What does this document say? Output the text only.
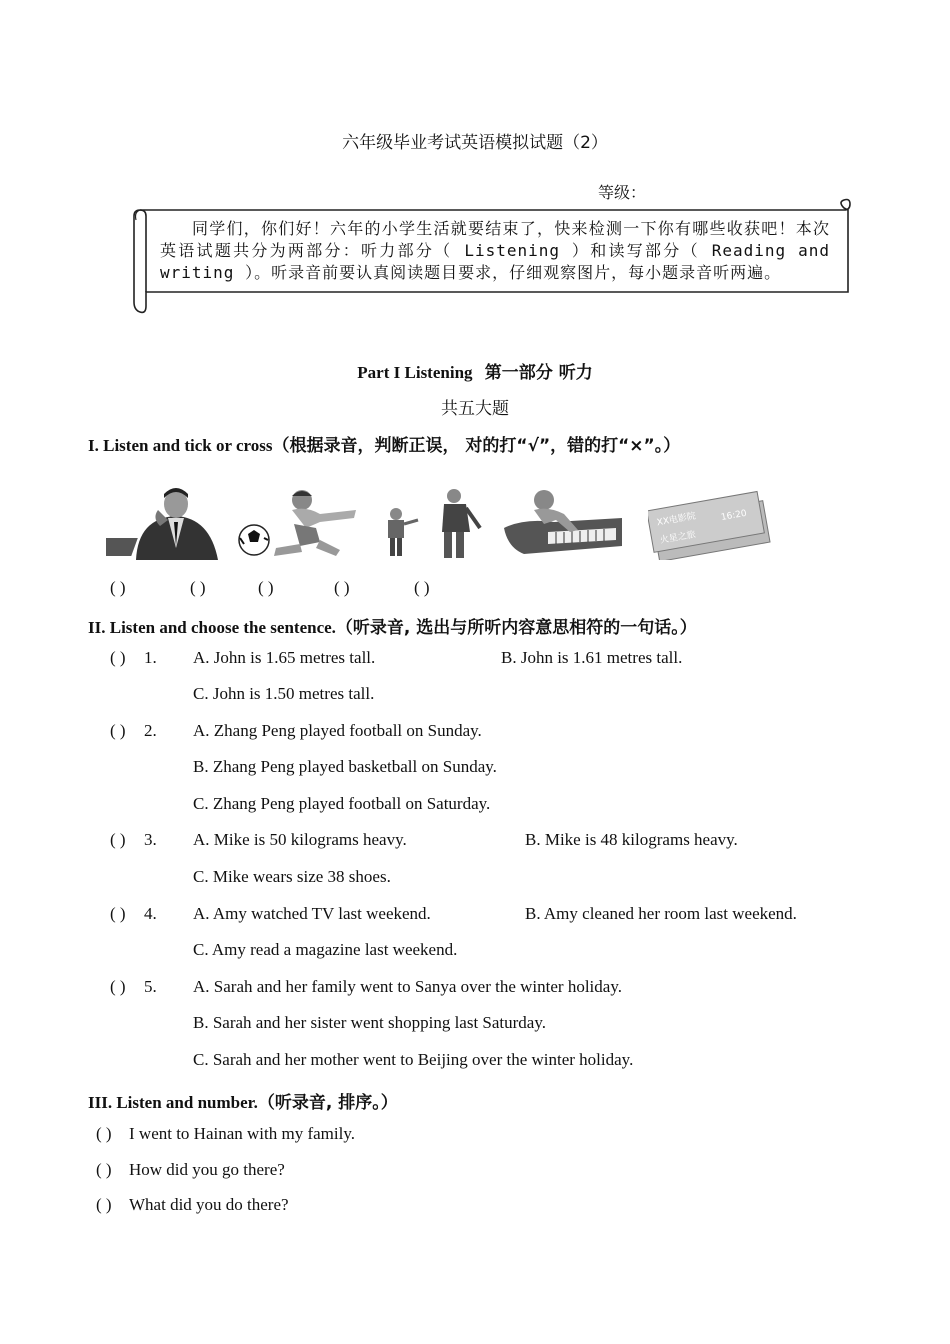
六年级毕业考试英语模拟试题（2）
等级：
同学们，你们好！六年的小学生活就要结束了，快来检测一下你有哪些收获吧！本次英语试题共分为两部分：听力部分（ Listening ）和读写部分（ Reading and writing ）。听录音前要认真阅读题目要求，仔细观察图片，每小题录音听两遍。
Part I Listening 第一部分 听力
共五大题
I. Listen and tick or cross（根据录音，判断正误， 对的打“√”，错的打“×”。）
XX电影院
火星之旅
16:20
( )	( )	( )	( )	( )
II. Listen and choose the sentence.（听录音, 选出与所听内容意思相符的一句话。）
( ) 1. A. John is 1.65 metres tall.	B. John is 1.61 metres tall.
C. John is 1.50 metres tall.
( ) 2. A. Zhang Peng played football on Sunday.
B. Zhang Peng played basketball on Sunday.
C. Zhang Peng played football on Saturday.
( ) 3. A. Mike is 50 kilograms heavy.	B. Mike is 48 kilograms heavy.
C. Mike wears size 38 shoes.
( ) 4. A. Amy watched TV last weekend.	B. Amy cleaned her room last weekend.
C. Amy read a magazine last weekend.
( ) 5. A. Sarah and her family went to Sanya over the winter holiday.
B. Sarah and her sister went shopping last Saturday.
C. Sarah and her mother went to Beijing over the winter holiday.
III. Listen and number.（听录音, 排序。）
( ) I went to Hainan with my family.
( ) How did you go there?
( ) What did you do there?
